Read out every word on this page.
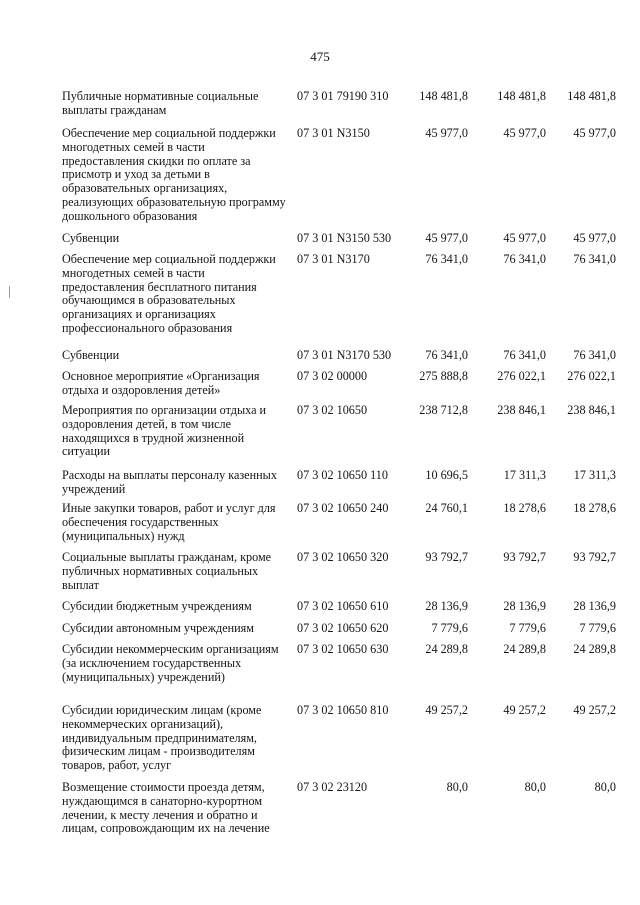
475
Публичные нормативные социальные выплаты гражданам
07 3 01 79190 310	148 481,8 148 481,8 148 481,8
Обеспечение мер социальной поддержки многодетных семей в части предоставления скидки по оплате за присмотр и уход за детьми в образовательных организациях, реализующих образовательную программу дошкольного образования
07 3 01 N3150	45 977,0	45 977,0 45 977,0
Субвенции	07 3 01 N3150 530	45 977,0	45 977,0 45 977,0
Обеспечение мер социальной поддержки многодетных семей в части предоставления бесплатного питания обучающимся в образовательных организациях и организациях профессионального образования
07 3 01 N3170	76 341,0	76 341,0 76 341,0
Субвенции	07 3 01 N3170 530	76 341,0	76 341,0 76 341,0
Основное мероприятие «Организация отдыха и оздоровления детей»
07 3 02 00000	275 888,8 276 022,1 276 022,1
Мероприятия по организации отдыха и оздоровления детей, в том числе находящихся в трудной жизненной ситуации
07 3 02 10650	238 712,8 238 846,1 238 846,1
Расходы на выплаты персоналу казенных учреждений
07 3 02 10650 110	10 696,5	17 311,3 17 311,3
Иные закупки товаров, работ и услуг для обеспечения государственных (муниципальных) нужд
07 3 02 10650 240	24 760,1	18 278,6 18 278,6
Социальные выплаты гражданам, кроме публичных нормативных социальных выплат
07 3 02 10650 320	93 792,7	93 792,7 93 792,7
Субсидии бюджетным учреждениям	07 3 02 10650 610	28 136,9	28 136,9 28 136,9
Субсидии автономным учреждениям	07 3 02 10650 620	7 779,6	7 779,6	7 779,6
Субсидии некоммерческим организациям (за исключением государственных (муниципальных) учреждений)
07 3 02 10650 630	24 289,8	24 289,8 24 289,8
Субсидии юридическим лицам (кроме некоммерческих организаций), индивидуальным предпринимателям, физическим лицам - производителям товаров, работ, услуг
07 3 02 10650 810	49 257,2	49 257,2 49 257,2
Возмещение стоимости проезда детям, нуждающимся в санаторно-курортном лечении, к месту лечения и обратно и лицам, сопровождающим их на лечение
07 3 02 23120	80,0	80,0	80,0
